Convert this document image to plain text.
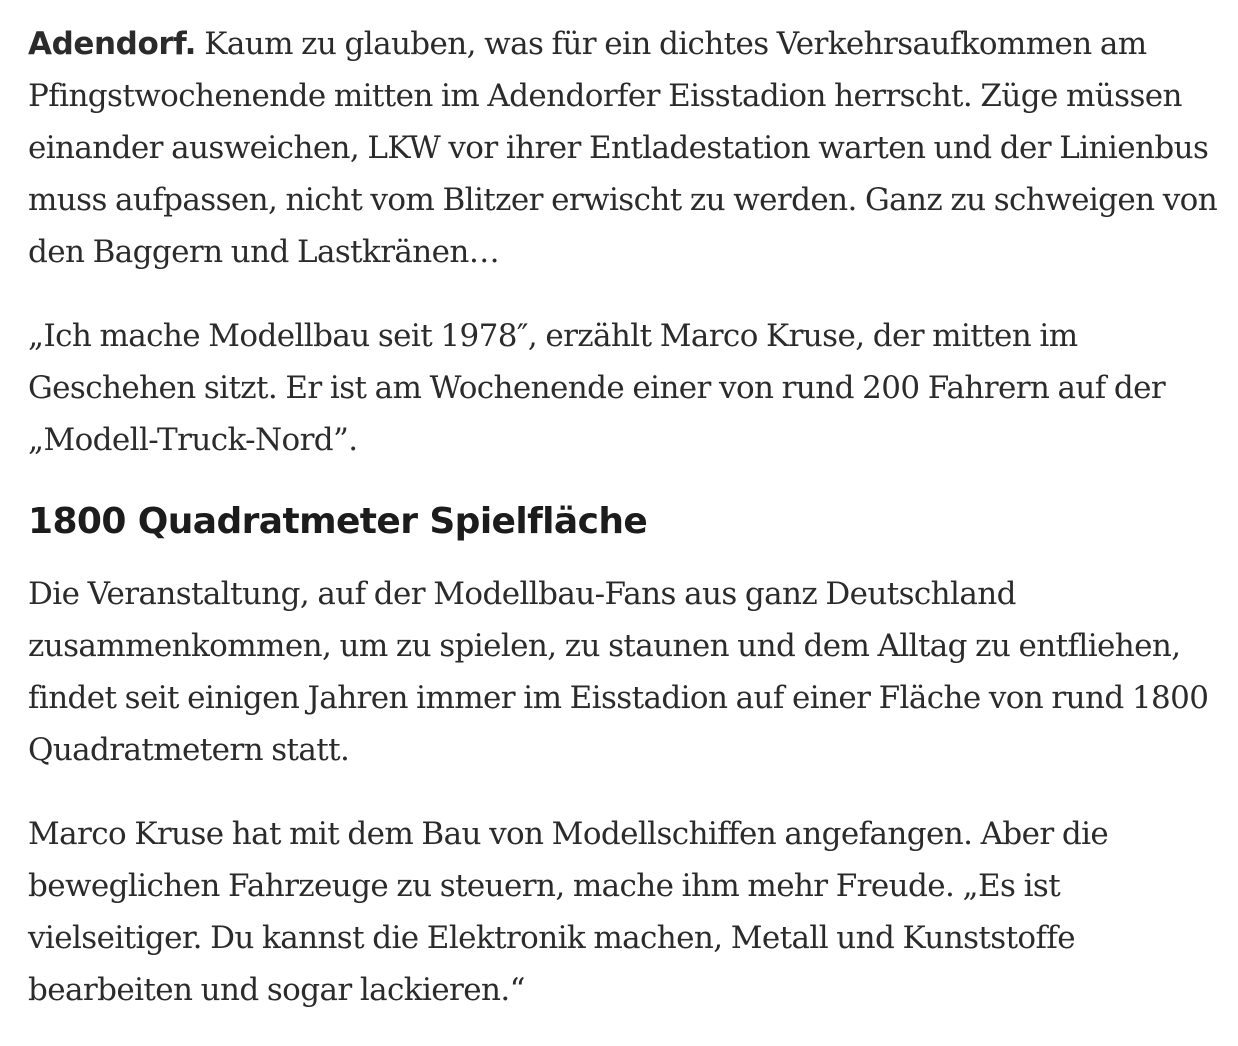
Adendorf. Kaum zu glauben, was für ein dichtes Verkehrsaufkommen am Pfingstwochenende mitten im Adendorfer Eisstadion herrscht. Züge müssen einander ausweichen, LKW vor ihrer Entladestation warten und der Linienbus muss aufpassen, nicht vom Blitzer erwischt zu werden. Ganz zu schweigen von den Baggern und Lastkränen…

„Ich mache Modellbau seit 1978″, erzählt Marco Kruse, der mitten im Geschehen sitzt. Er ist am Wochenende einer von rund 200 Fahrern auf der „Modell-Truck-Nord”.

1800 Quadratmeter Spielfläche

Die Veranstaltung, auf der Modellbau-Fans aus ganz Deutschland zusammenkommen, um zu spielen, zu staunen und dem Alltag zu entfliehen, findet seit einigen Jahren immer im Eisstadion auf einer Fläche von rund 1800 Quadratmetern statt.

Marco Kruse hat mit dem Bau von Modellschiffen angefangen. Aber die beweglichen Fahrzeuge zu steuern, mache ihm mehr Freude. „Es ist vielseitiger. Du kannst die Elektronik machen, Metall und Kunststoffe bearbeiten und sogar lackieren.“
